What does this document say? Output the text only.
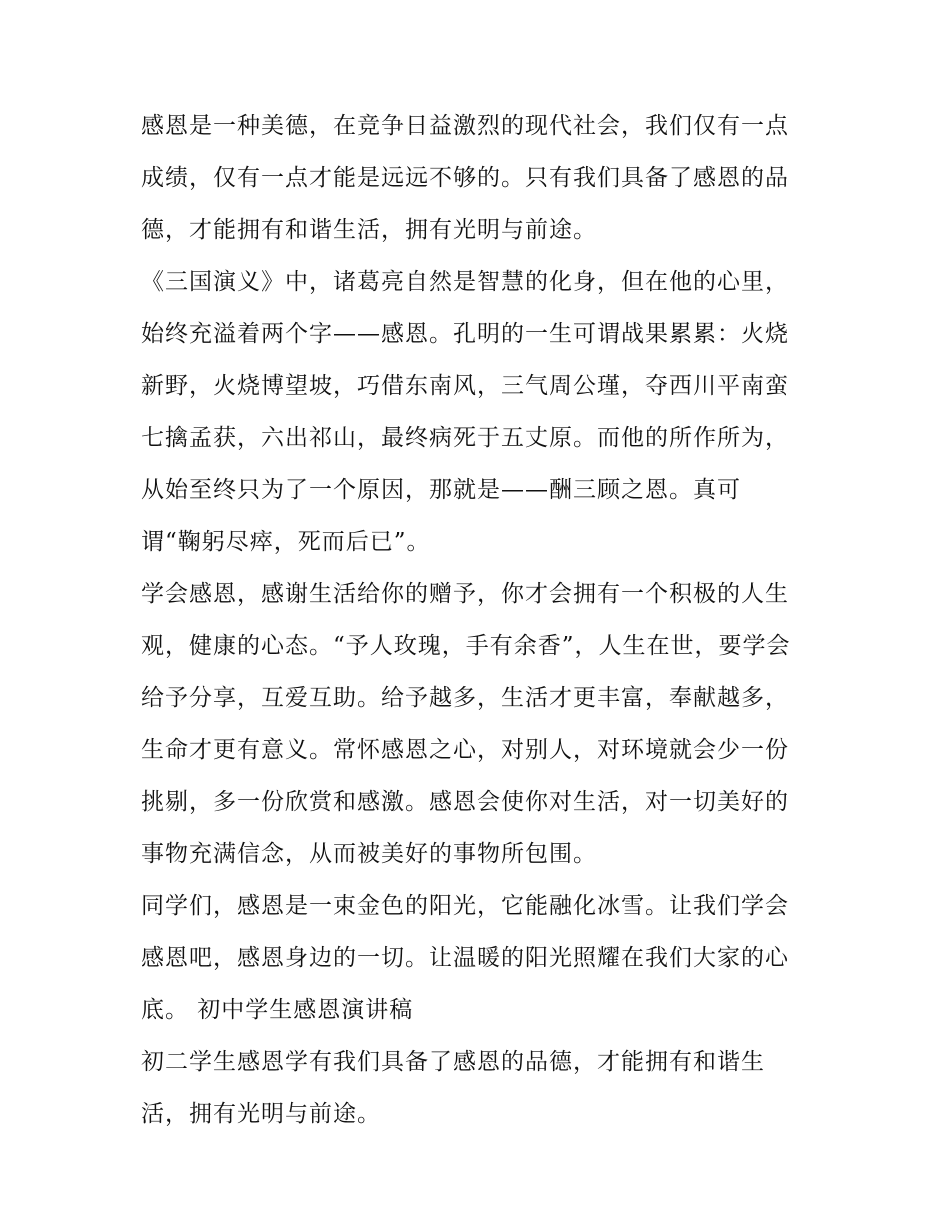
感恩是一种美德，在竞争日益激烈的现代社会，我们仅有一点
成绩，仅有一点才能是远远不够的。只有我们具备了感恩的品
德，才能拥有和谐生活，拥有光明与前途。
《三国演义》中，诸葛亮自然是智慧的化身，但在他的心里，
始终充溢着两个字——感恩。孔明的一生可谓战果累累：火烧
新野，火烧博望坡，巧借东南风，三气周公瑾，夺西川平南蛮
七擒孟获，六出祁山，最终病死于五丈原。而他的所作所为，
从始至终只为了一个原因，那就是——酬三顾之恩。真可
谓“鞠躬尽瘁，死而后已”。
学会感恩，感谢生活给你的赠予，你才会拥有一个积极的人生
观，健康的心态。“予人玫瑰，手有余香”，人生在世，要学会
给予分享，互爱互助。给予越多，生活才更丰富，奉献越多，
生命才更有意义。常怀感恩之心，对别人，对环境就会少一份
挑剔，多一份欣赏和感激。感恩会使你对生活，对一切美好的
事物充满信念，从而被美好的事物所包围。
同学们，感恩是一束金色的阳光，它能融化冰雪。让我们学会
感恩吧，感恩身边的一切。让温暖的阳光照耀在我们大家的心
底。 初中学生感恩演讲稿
初二学生感恩学有我们具备了感恩的品德，才能拥有和谐生
活，拥有光明与前途。
